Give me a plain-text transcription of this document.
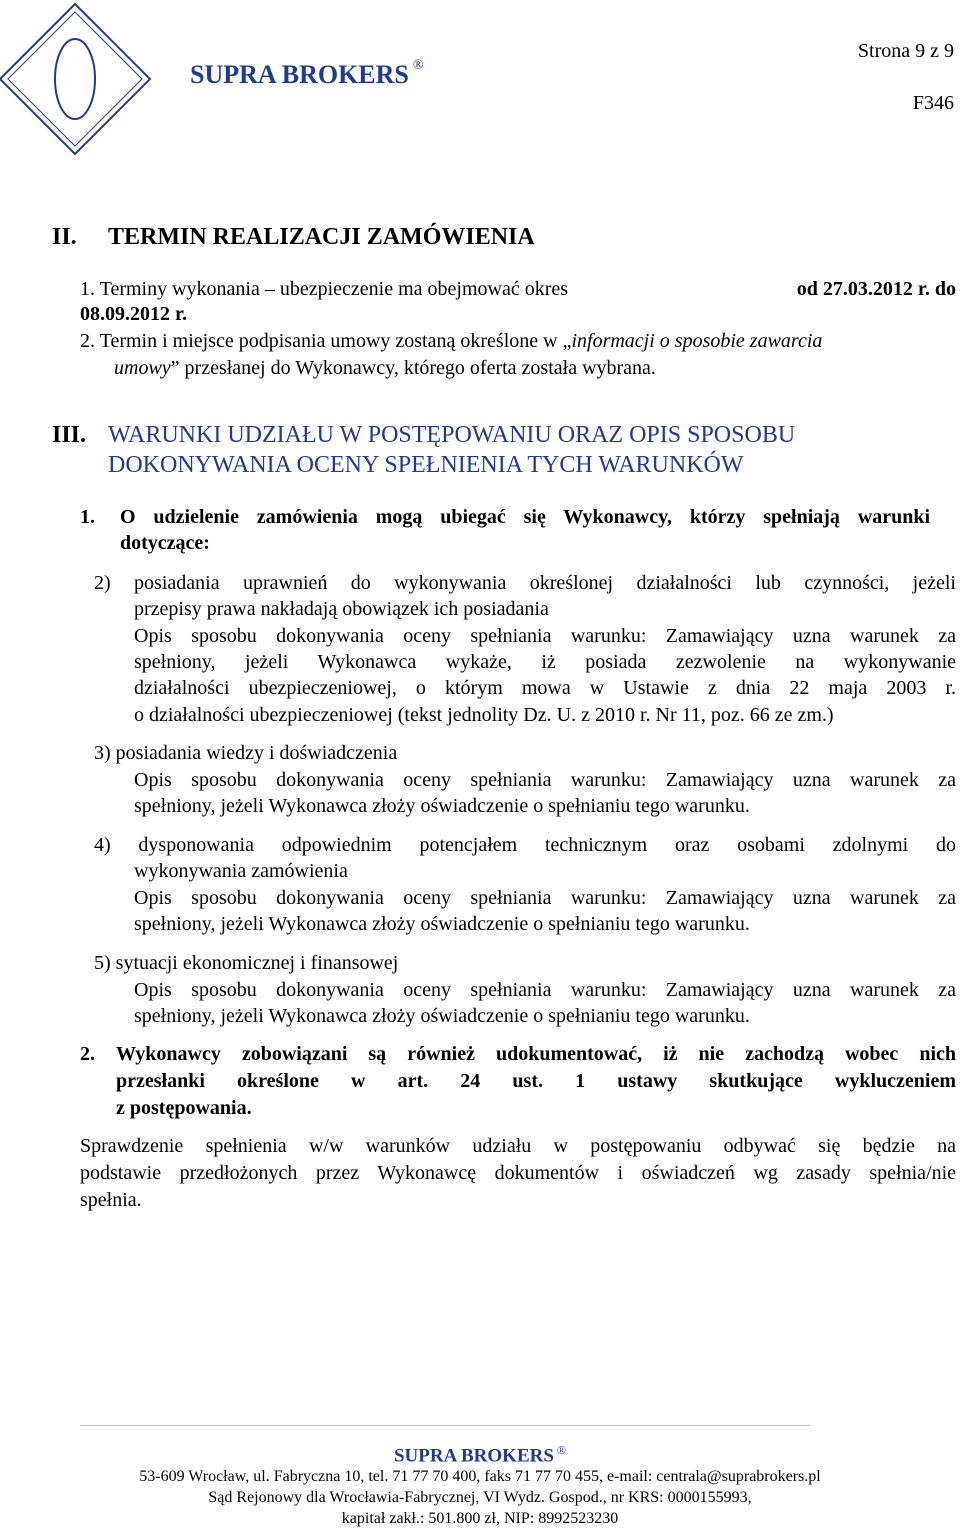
SUPRA BROKERS ®
Strona 9 z 9
F346
II. TERMIN REALIZACJI ZAMÓWIENIA
1. Terminy wykonania – ubezpieczenie ma obejmować okres	od 27.03.2012 r. do
08.09.2012 r.
2. Termin i miejsce podpisania umowy zostaną określone w „informacji o sposobie zawarcia
umowy” przesłanej do Wykonawcy, którego oferta została wybrana.
III. WARUNKI UDZIAŁU W POSTĘPOWANIU ORAZ OPIS SPOSOBU
DOKONYWANIA OCENY SPEŁNIENIA TYCH WARUNKÓW
1. O udzielenie zamówienia mogą ubiegać się Wykonawcy, którzy spełniają warunki
dotyczące:
2) posiadania uprawnień do wykonywania określonej działalności lub czynności, jeżeli
przepisy prawa nakładają obowiązek ich posiadania
Opis sposobu dokonywania oceny spełniania warunku: Zamawiający uzna warunek za
spełniony, jeżeli Wykonawca wykaże, iż posiada zezwolenie na wykonywanie
działalności ubezpieczeniowej, o którym mowa w Ustawie z dnia 22 maja 2003 r.
o działalności ubezpieczeniowej (tekst jednolity Dz. U. z 2010 r. Nr 11, poz. 66 ze zm.)
3) posiadania wiedzy i doświadczenia
Opis sposobu dokonywania oceny spełniania warunku: Zamawiający uzna warunek za
spełniony, jeżeli Wykonawca złoży oświadczenie o spełnianiu tego warunku.
4) dysponowania odpowiednim potencjałem technicznym oraz osobami zdolnymi do
wykonywania zamówienia
Opis sposobu dokonywania oceny spełniania warunku: Zamawiający uzna warunek za
spełniony, jeżeli Wykonawca złoży oświadczenie o spełnianiu tego warunku.
5) sytuacji ekonomicznej i finansowej
Opis sposobu dokonywania oceny spełniania warunku: Zamawiający uzna warunek za
spełniony, jeżeli Wykonawca złoży oświadczenie o spełnianiu tego warunku.
2. Wykonawcy zobowiązani są również udokumentować, iż nie zachodzą wobec nich
przesłanki określone w art. 24 ust. 1 ustawy skutkujące wykluczeniem
z postępowania.
Sprawdzenie spełnienia w/w warunków udziału w postępowaniu odbywać się będzie na
podstawie przedłożonych przez Wykonawcę dokumentów i oświadczeń wg zasady spełnia/nie
spełnia.
SUPRA BROKERS ®
53-609 Wrocław, ul. Fabryczna 10, tel. 71 77 70 400, faks 71 77 70 455, e-mail: centrala@suprabrokers.pl
Sąd Rejonowy dla Wrocławia-Fabrycznej, VI Wydz. Gospod., nr KRS: 0000155993,
kapitał zakł.: 501.800 zł, NIP: 8992523230
